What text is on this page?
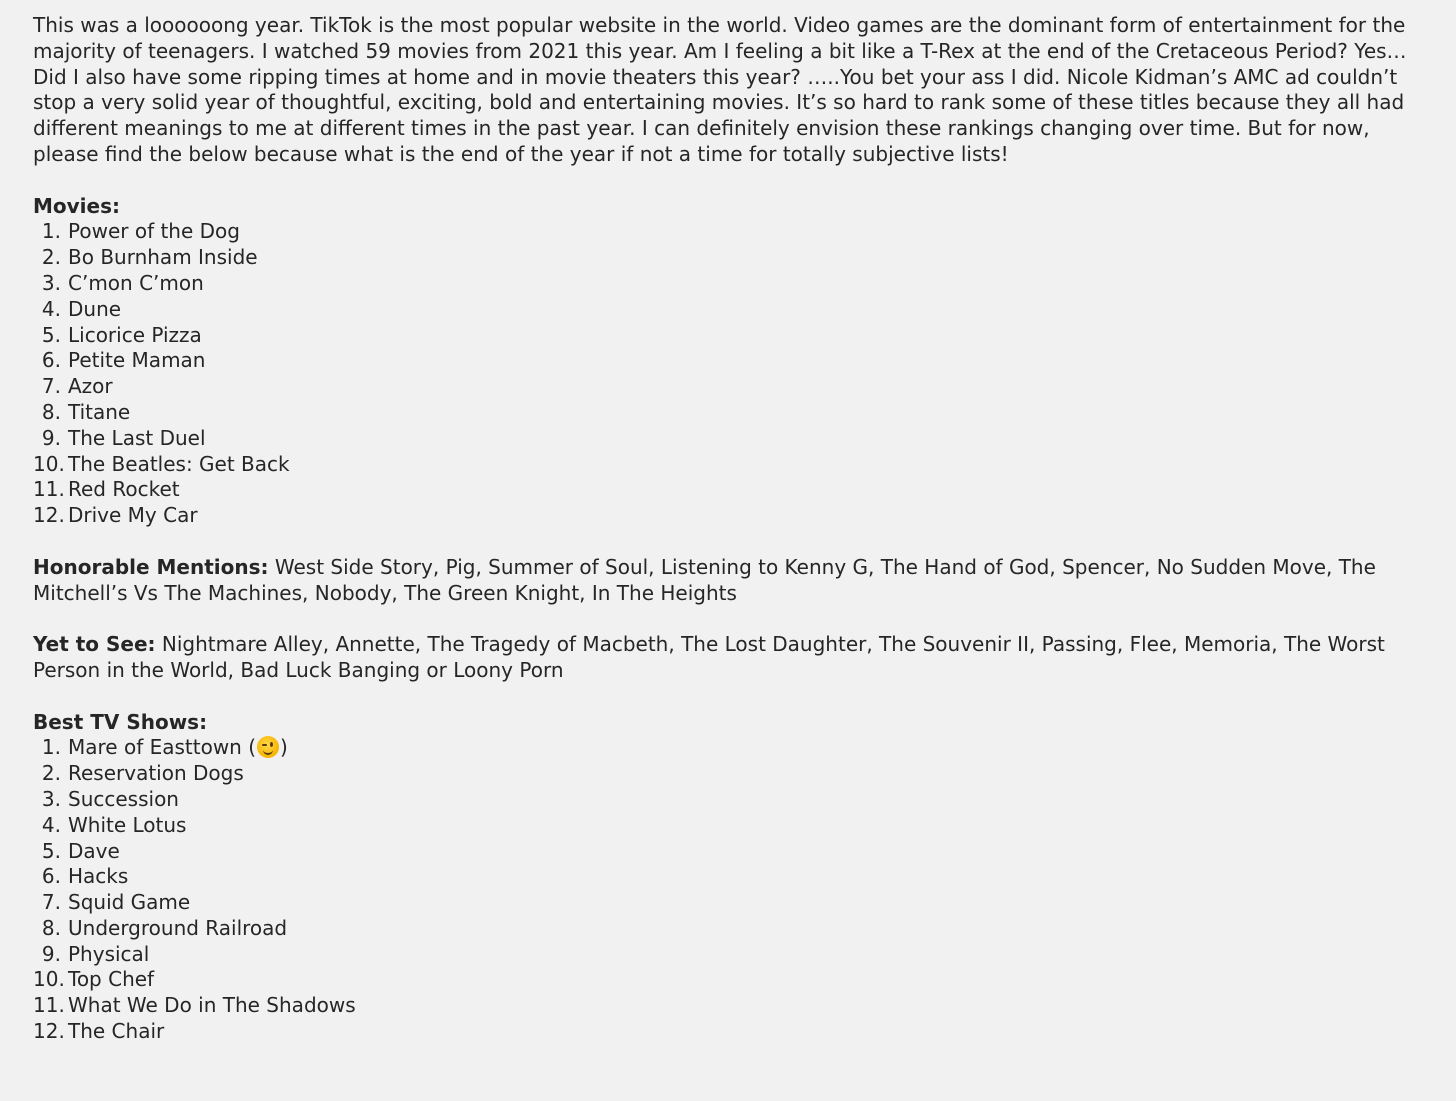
This was a loooooong year. TikTok is the most popular website in the world. Video games are the dominant form of entertainment for the majority of teenagers. I watched 59 movies from 2021 this year. Am I feeling a bit like a T-Rex at the end of the Cretaceous Period? Yes… Did I also have some ripping times at home and in movie theaters this year? …..You bet your ass I did. Nicole Kidman’s AMC ad couldn’t stop a very solid year of thoughtful, exciting, bold and entertaining movies. It’s so hard to rank some of these titles because they all had different meanings to me at different times in the past year. I can definitely envision these rankings changing over time. But for now, please find the below because what is the end of the year if not a time for totally subjective lists!

Movies:

1. Power of the Dog
2. Bo Burnham Inside
3. C’mon C’mon
4. Dune
5. Licorice Pizza
6. Petite Maman
7. Azor
8. Titane
9. The Last Duel
10. The Beatles: Get Back
11. Red Rocket
12. Drive My Car

Honorable Mentions: West Side Story, Pig, Summer of Soul, Listening to Kenny G, The Hand of God, Spencer, No Sudden Move, The Mitchell’s Vs The Machines, Nobody, The Green Knight, In The Heights

Yet to See: Nightmare Alley, Annette, The Tragedy of Macbeth, The Lost Daughter, The Souvenir II, Passing, Flee, Memoria, The Worst Person in the World, Bad Luck Banging or Loony Porn

Best TV Shows:

1. Mare of Easttown ( )
2. Reservation Dogs
3. Succession
4. White Lotus
5. Dave
6. Hacks
7. Squid Game
8. Underground Railroad
9. Physical
10. Top Chef
11. What We Do in The Shadows
12. The Chair
